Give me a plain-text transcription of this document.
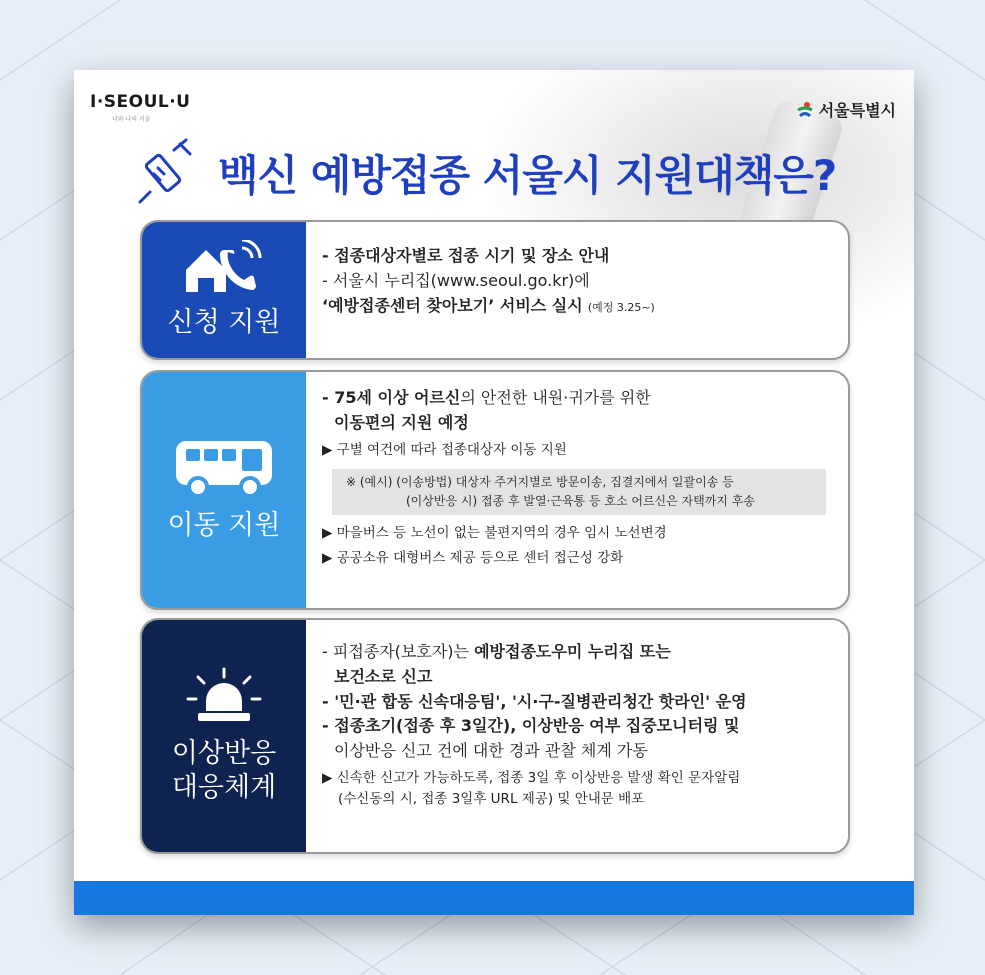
I·SEOUL·U
너와 나의 서울	서울특별시
백신 예방접종 서울시 지원대책은?
신청 지원
- 접종대상자별로 접종 시기 및 장소 안내
- 서울시 누리집(www.seoul.go.kr)에
‘예방접종센터 찾아보기’ 서비스 실시 (예정 3.25~)
이동 지원
- 75세 이상 어르신의 안전한 내원·귀가를 위한
이동편의 지원 예정
▶ 구별 여건에 따라 접종대상자 이동 지원
※ (예시) (이송방법) 대상자 주거지별로 방문이송, 집결지에서 일괄이송 등
(이상반응 시) 접종 후 발열·근육통 등 호소 어르신은 자택까지 후송
▶ 마을버스 등 노선이 없는 불편지역의 경우 임시 노선변경
▶ 공공소유 대형버스 제공 등으로 센터 접근성 강화
이상반응
대응체계
- 피접종자(보호자)는 예방접종도우미 누리집 또는
보건소로 신고
- '민·관 합동 신속대응팀', '시·구-질병관리청간 핫라인' 운영
- 접종초기(접종 후 3일간), 이상반응 여부 집중모니터링 및
이상반응 신고 건에 대한 경과 관찰 체계 가동
▶ 신속한 신고가 가능하도록, 접종 3일 후 이상반응 발생 확인 문자알림
(수신동의 시, 접종 3일후 URL 제공) 및 안내문 배포
